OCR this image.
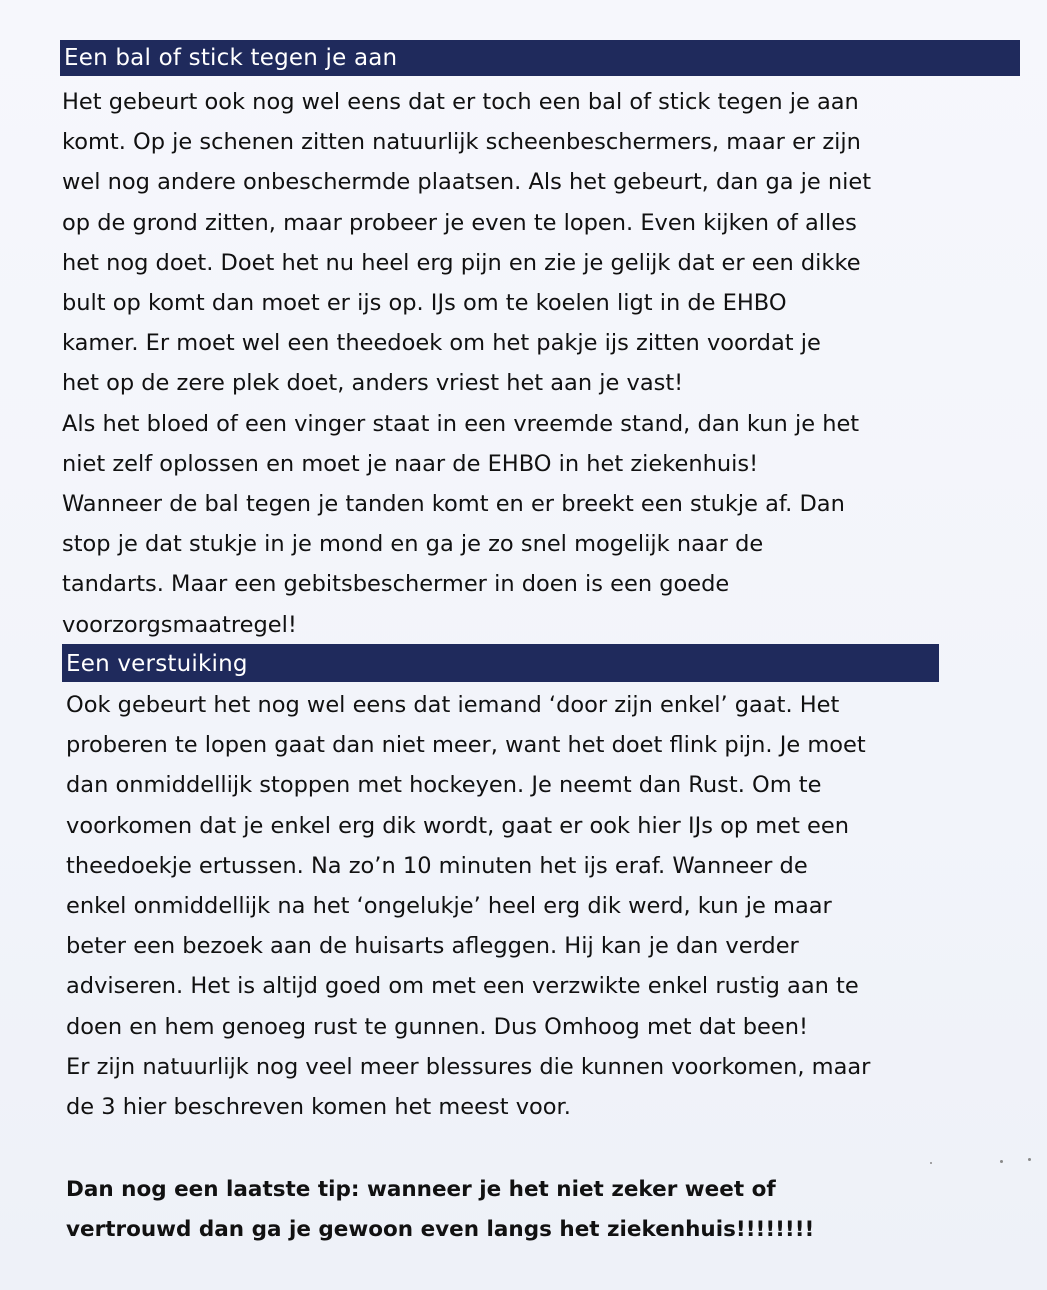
Een bal of stick tegen je aan
Het gebeurt ook nog wel eens dat er toch een bal of stick tegen je aan
komt. Op je schenen zitten natuurlijk scheenbeschermers, maar er zijn
wel nog andere onbeschermde plaatsen. Als het gebeurt, dan ga je niet
op de grond zitten, maar probeer je even te lopen. Even kijken of alles
het nog doet. Doet het nu heel erg pijn en zie je gelijk dat er een dikke
bult op komt dan moet er ijs op. IJs om te koelen ligt in de EHBO
kamer. Er moet wel een theedoek om het pakje ijs zitten voordat je
het op de zere plek doet, anders vriest het aan je vast!
Als het bloed of een vinger staat in een vreemde stand, dan kun je het
niet zelf oplossen en moet je naar de EHBO in het ziekenhuis!
Wanneer de bal tegen je tanden komt en er breekt een stukje af. Dan
stop je dat stukje in je mond en ga je zo snel mogelijk naar de
tandarts. Maar een gebitsbeschermer in doen is een goede
voorzorgsmaatregel!
Een verstuiking
Ook gebeurt het nog wel eens dat iemand ‘door zijn enkel’ gaat. Het
proberen te lopen gaat dan niet meer, want het doet flink pijn. Je moet
dan onmiddellijk stoppen met hockeyen. Je neemt dan Rust. Om te
voorkomen dat je enkel erg dik wordt, gaat er ook hier IJs op met een
theedoekje ertussen. Na zo’n 10 minuten het ijs eraf. Wanneer de
enkel onmiddellijk na het ‘ongelukje’ heel erg dik werd, kun je maar
beter een bezoek aan de huisarts afleggen. Hij kan je dan verder
adviseren. Het is altijd goed om met een verzwikte enkel rustig aan te
doen en hem genoeg rust te gunnen. Dus Omhoog met dat been!
Er zijn natuurlijk nog veel meer blessures die kunnen voorkomen, maar
de 3 hier beschreven komen het meest voor.
Dan nog een laatste tip: wanneer je het niet zeker weet of
vertrouwd dan ga je gewoon even langs het ziekenhuis!!!!!!!!
